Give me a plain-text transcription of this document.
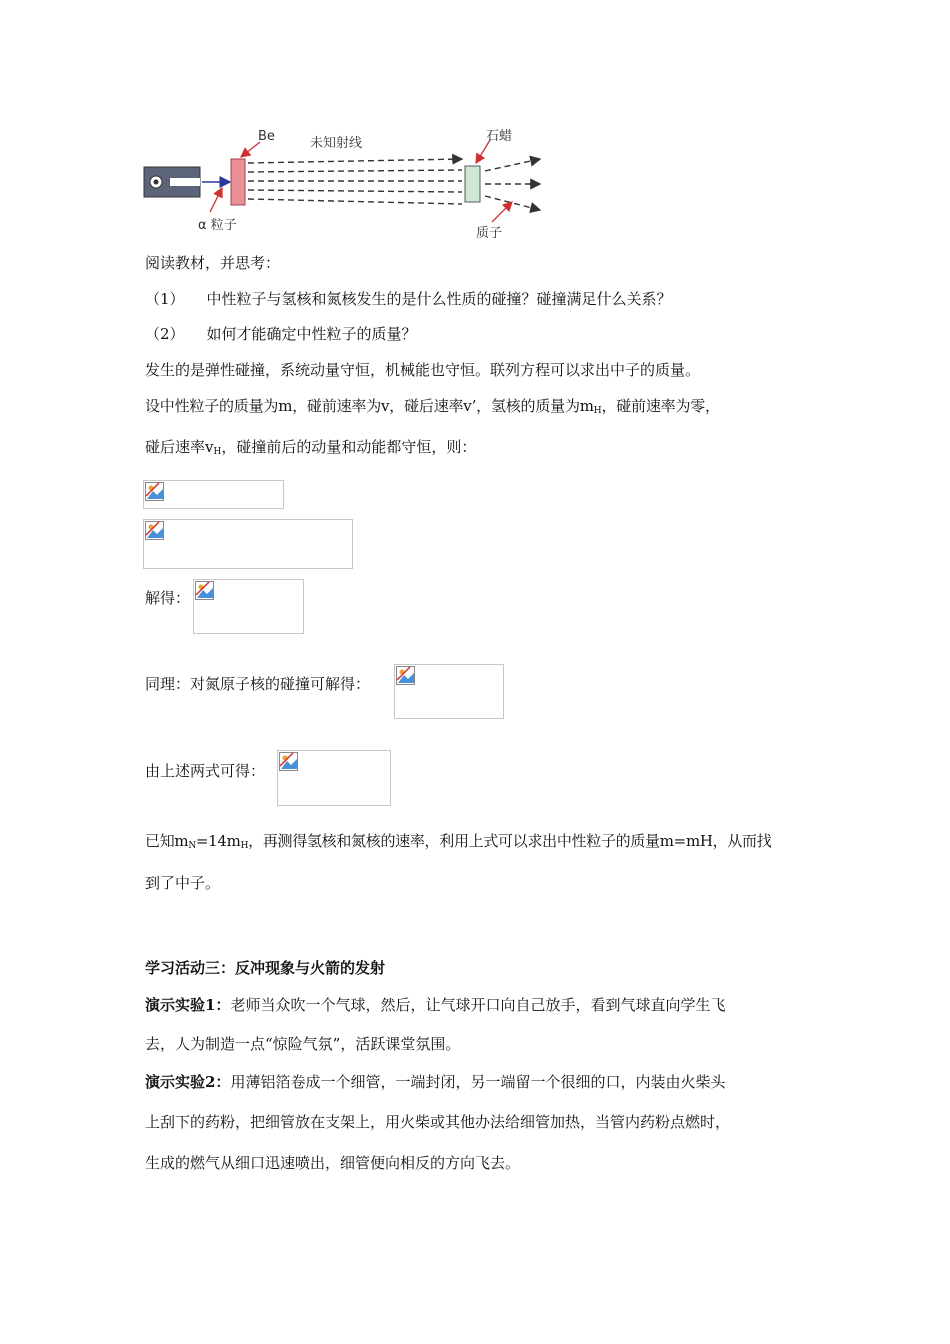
Be	未知射线	石蜡
α 粒子
质子
阅读教材，并思考：
（1） 中性粒子与氢核和氮核发生的是什么性质的碰撞？碰撞满足什么关系？
（2） 如何才能确定中性粒子的质量？
发生的是弹性碰撞，系统动量守恒，机械能也守恒。联列方程可以求出中子的质量。
设中性粒子的质量为m，碰前速率为v，碰后速率v’，氢核的质量为$m_H$，碰前速率为零，
碰后速率$v_H$，碰撞前后的动量和动能都守恒，则：
解得：
同理：对氮原子核的碰撞可解得：
由上述两式可得：
已知$m_N=14m_H$，再测得氢核和氮核的速率，利用上式可以求出中性粒子的质量m=mH，从而找
到了中子。
学习活动三：反冲现象与火箭的发射
演示实验1：老师当众吹一个气球，然后，让气球开口向自己放手，看到气球直向学生飞
去，人为制造一点“惊险气氛”，活跃课堂氛围。
演示实验2：用薄铝箔卷成一个细管，一端封闭，另一端留一个很细的口，内装由火柴头
上刮下的药粉，把细管放在支架上，用火柴或其他办法给细管加热，当管内药粉点燃时，
生成的燃气从细口迅速喷出，细管便向相反的方向飞去。
